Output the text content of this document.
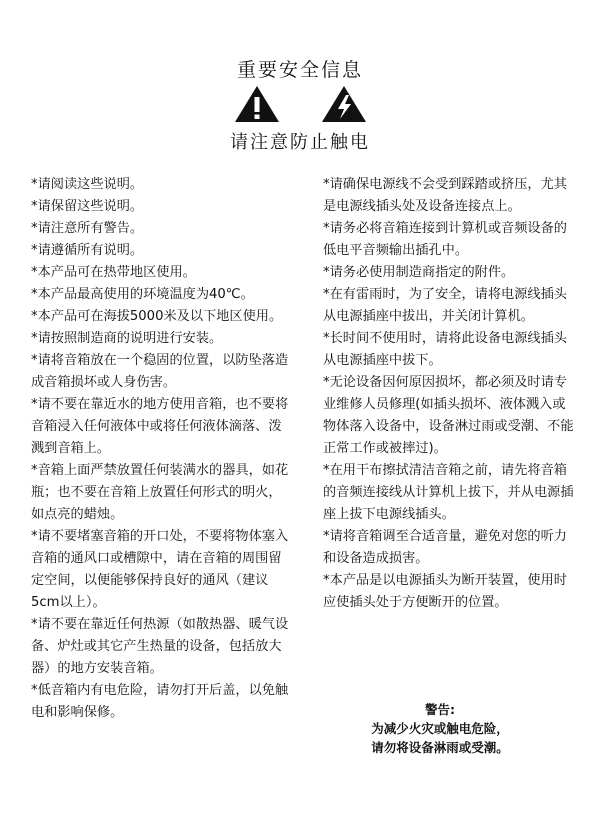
重要安全信息
请注意防止触电

*请阅读这些说明。

*请保留这些说明。

*请注意所有警告。

*请遵循所有说明。

*本产品可在热带地区使用。

*本产品最高使用的环境温度为40℃。

*本产品可在海拔5000米及以下地区使用。

*请按照制造商的说明进行安装。

*请将音箱放在一个稳固的位置，以防坠落造成音箱损坏或人身伤害。

*请不要在靠近水的地方使用音箱，也不要将音箱浸入任何液体中或将任何液体滴落、泼溅到音箱上。

*音箱上面严禁放置任何装满水的器具，如花瓶；也不要在音箱上放置任何形式的明火，如点亮的蜡烛。

*请不要堵塞音箱的开口处，不要将物体塞入音箱的通风口或槽隙中，请在音箱的周围留定空间，以便能够保持良好的通风（建议5cm以上）。

*请不要在靠近任何热源（如散热器、暖气设备、炉灶或其它产生热量的设备，包括放大器）的地方安装音箱。

*低音箱内有电危险，请勿打开后盖，以免触电和影响保修。

*请确保电源线不会受到踩踏或挤压，尤其是电源线插头处及设备连接点上。

*请务必将音箱连接到计算机或音频设备的低电平音频输出插孔中。

*请务必使用制造商指定的附件。

*在有雷雨时，为了安全，请将电源线插头从电源插座中拔出，并关闭计算机。

*长时间不使用时，请将此设备电源线插头从电源插座中拔下。

*无论设备因何原因损坏，都必须及时请专业维修人员修理(如插头损坏、液体溅入或物体落入设备中，设备淋过雨或受潮、不能正常工作或被摔过)。

*在用干布擦拭清洁音箱之前，请先将音箱的音频连接线从计算机上拔下，并从电源插座上拔下电源线插头。

*请将音箱调至合适音量，避免对您的听力和设备造成损害。

*本产品是以电源插头为断开装置，使用时应使插头处于方便断开的位置。

警告:

为减少火灾或触电危险，

请勿将设备淋雨或受潮。
